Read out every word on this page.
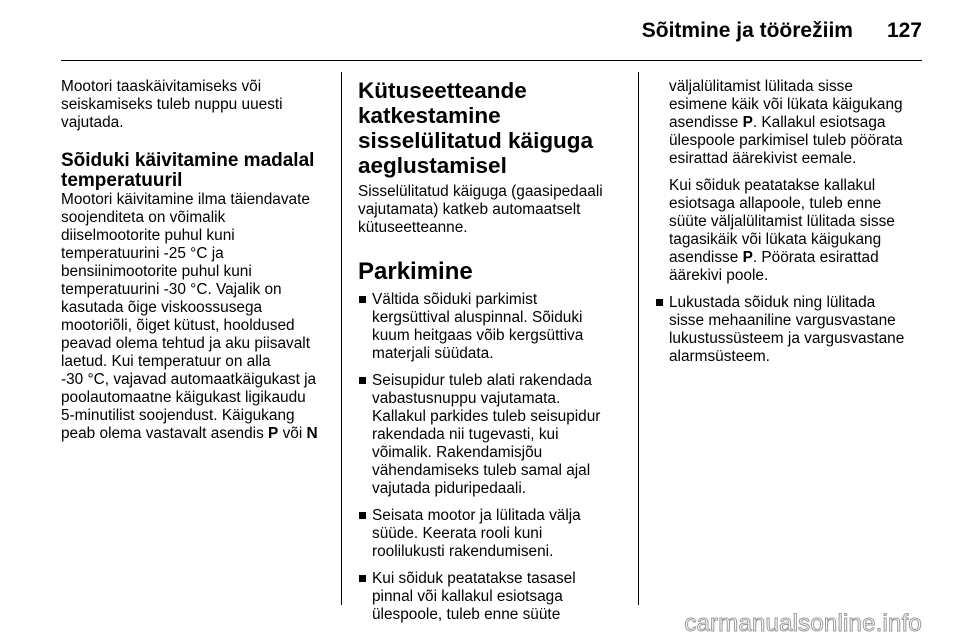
Sõitmine ja töörežiim 127

Mootori taaskäivitamiseks või

seiskamiseks tuleb nuppu uuesti

vajutada.

Sõiduki käivitamine madalal
temperatuuril

Mootori käivitamine ilma täiendavate

soojenditeta on võimalik

diiselmootorite puhul kuni

temperatuurini -25 °C ja

bensiinimootorite puhul kuni

temperatuurini -30 °C. Vajalik on

kasutada õige viskoossusega

mootoriõli, õiget kütust, hooldused

peavad olema tehtud ja aku piisavalt

laetud. Kui temperatuur on alla

-30 °C, vajavad automaatkäigukast ja

poolautomaatne käigukast ligikaudu

5-minutilist soojendust. Käigukang

peab olema vastavalt asendis P või N

Kütuseetteande
katkestamine
sisselülitatud käiguga
aeglustamisel

Sisselülitatud käiguga (gaasipedaali

vajutamata) katkeb automaatselt

kütuseetteanne.

Parkimine

Vältida sõiduki parkimist
kergsüttival aluspinnal. Sõiduki
kuum heitgaas võib kergsüttiva
materjali süüdata.
Seisupidur tuleb alati rakendada
vabastusnuppu vajutamata.
Kallakul parkides tuleb seisupidur
rakendada nii tugevasti, kui
võimalik. Rakendamisjõu
vähendamiseks tuleb samal ajal
vajutada piduripedaali.
Seisata mootor ja lülitada välja
süüde. Keerata rooli kuni
roolilukusti rakendumiseni.
Kui sõiduk peatatakse tasasel
pinnal või kallakul esiotsaga
ülespoole, tuleb enne süüte

väljalülitamist lülitada sisse

esimene käik või lükata käigukang

asendisse P. Kallakul esiotsaga

ülespoole parkimisel tuleb pöörata

esirattad äärekivist eemale.

Kui sõiduk peatatakse kallakul

esiotsaga allapoole, tuleb enne

süüte väljalülitamist lülitada sisse

tagasikäik või lükata käigukang

asendisse P. Pöörata esirattad

äärekivi poole.

Lukustada sõiduk ning lülitada
sisse mehaaniline vargusvastane
lukustussüsteem ja vargusvastane
alarmsüsteem.
carmanualsonline.info
